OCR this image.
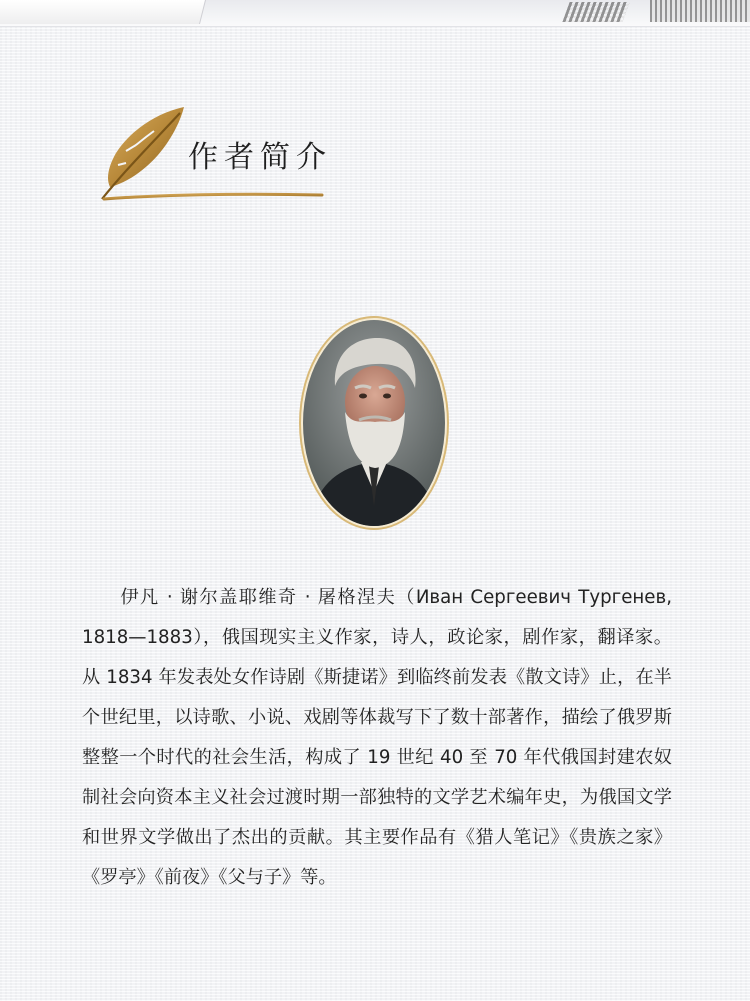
作者简介

伊凡 · 谢尔盖耶维奇 · 屠格涅夫（Иван Сергеевич Тургенев, 1818—1883），俄国现实主义作家，诗人，政论家，剧作家，翻译家。从 1834 年发表处女作诗剧《斯捷诺》到临终前发表《散文诗》止，在半个世纪里，以诗歌、小说、戏剧等体裁写下了数十部著作，描绘了俄罗斯整整一个时代的社会生活，构成了 19 世纪 40 至 70 年代俄国封建农奴制社会向资本主义社会过渡时期一部独特的文学艺术编年史，为俄国文学和世界文学做出了杰出的贡献。其主要作品有《猎人笔记》《贵族之家》《罗亭》《前夜》《父与子》等。
